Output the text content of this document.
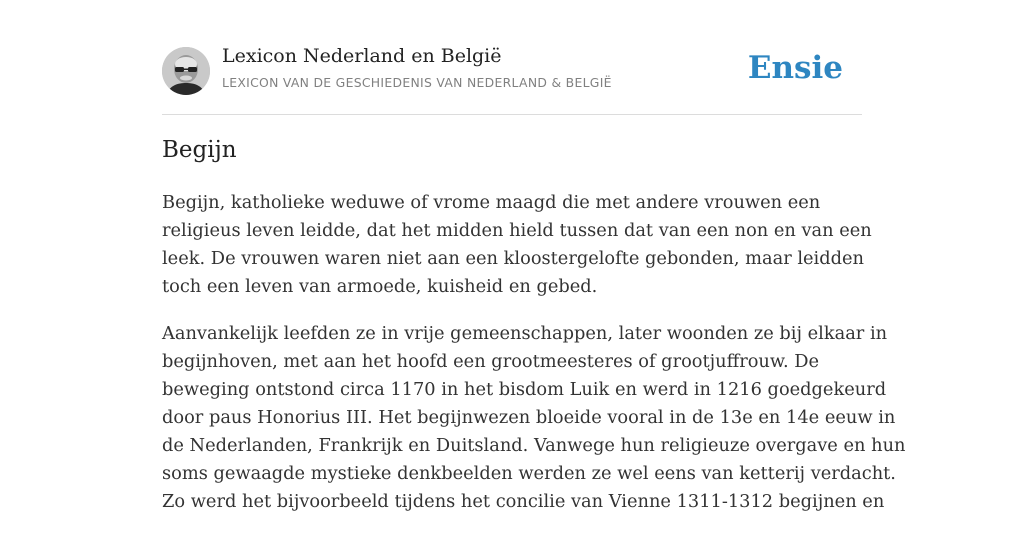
Lexicon Nederland en België
LEXICON VAN DE GESCHIEDENIS VAN NEDERLAND & BELGIË	Ensie
Begijn

Begijn, katholieke weduwe of vrome maagd die met andere vrouwen een
religieus leven leidde, dat het midden hield tussen dat van een non en van een
leek. De vrouwen waren niet aan een kloostergelofte gebonden, maar leidden
toch een leven van armoede, kuisheid en gebed.

Aanvankelijk leefden ze in vrije gemeenschappen, later woonden ze bij elkaar in
begijnhoven, met aan het hoofd een grootmeesteres of grootjuffrouw. De
beweging ontstond circa 1170 in het bisdom Luik en werd in 1216 goedgekeurd
door paus Honorius III. Het begijnwezen bloeide vooral in de 13e en 14e eeuw in
de Nederlanden, Frankrijk en Duitsland. Vanwege hun religieuze overgave en hun
soms gewaagde mystieke denkbeelden werden ze wel eens van ketterij verdacht.
Zo werd het bijvoorbeeld tijdens het concilie van Vienne 1311-1312 begijnen en
